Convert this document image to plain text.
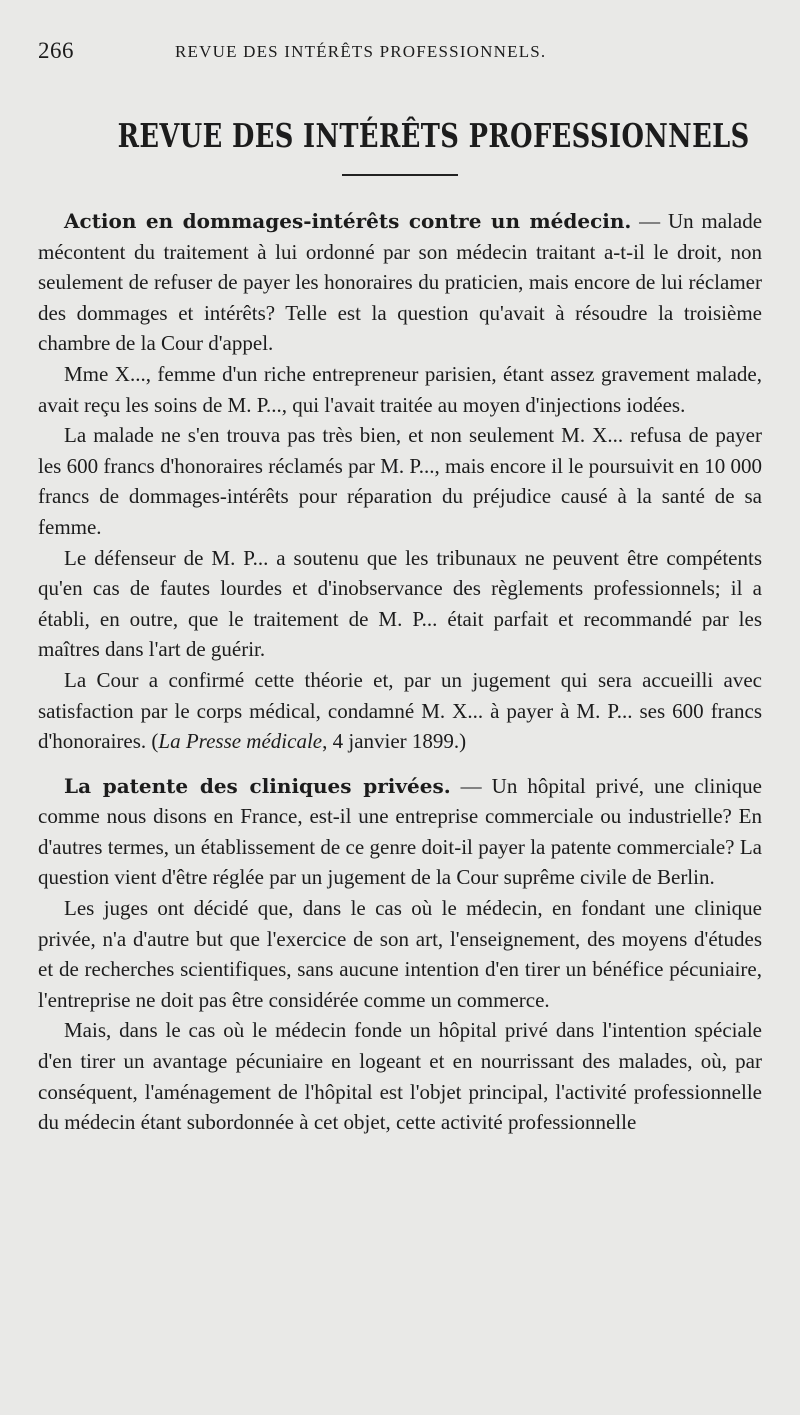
266	REVUE DES INTÉRÊTS PROFESSIONNELS.
REVUE DES INTÉRÊTS PROFESSIONNELS

Action en dommages-intérêts contre un médecin. — Un malade mécontent du traitement à lui ordonné par son médecin traitant a-t-il le droit, non seulement de refuser de payer les honoraires du praticien, mais encore de lui réclamer des dommages et intérêts? Telle est la question qu'avait à résoudre la troisième chambre de la Cour d'appel.

Mme X..., femme d'un riche entrepreneur parisien, étant assez gravement malade, avait reçu les soins de M. P..., qui l'avait traitée au moyen d'injections iodées.

La malade ne s'en trouva pas très bien, et non seulement M. X... refusa de payer les 600 francs d'honoraires réclamés par M. P..., mais encore il le poursuivit en 10 000 francs de dommages-intérêts pour réparation du préjudice causé à la santé de sa femme.

Le défenseur de M. P... a soutenu que les tribunaux ne peuvent être compétents qu'en cas de fautes lourdes et d'inobservance des règlements professionnels; il a établi, en outre, que le traitement de M. P... était parfait et recommandé par les maîtres dans l'art de guérir.

La Cour a confirmé cette théorie et, par un jugement qui sera accueilli avec satisfaction par le corps médical, condamné M. X... à payer à M. P... ses 600 francs d'honoraires. (La Presse médicale, 4 janvier 1899.)

La patente des cliniques privées. — Un hôpital privé, une clinique comme nous disons en France, est-il une entreprise commerciale ou industrielle? En d'autres termes, un établissement de ce genre doit-il payer la patente commerciale? La question vient d'être réglée par un jugement de la Cour suprême civile de Berlin.

Les juges ont décidé que, dans le cas où le médecin, en fondant une clinique privée, n'a d'autre but que l'exercice de son art, l'enseignement, des moyens d'études et de recherches scientifiques, sans aucune intention d'en tirer un bénéfice pécuniaire, l'entreprise ne doit pas être considérée comme un commerce.

Mais, dans le cas où le médecin fonde un hôpital privé dans l'intention spéciale d'en tirer un avantage pécuniaire en logeant et en nourrissant des malades, où, par conséquent, l'aménagement de l'hôpital est l'objet principal, l'activité professionnelle du médecin étant subordonnée à cet objet, cette activité professionnelle
